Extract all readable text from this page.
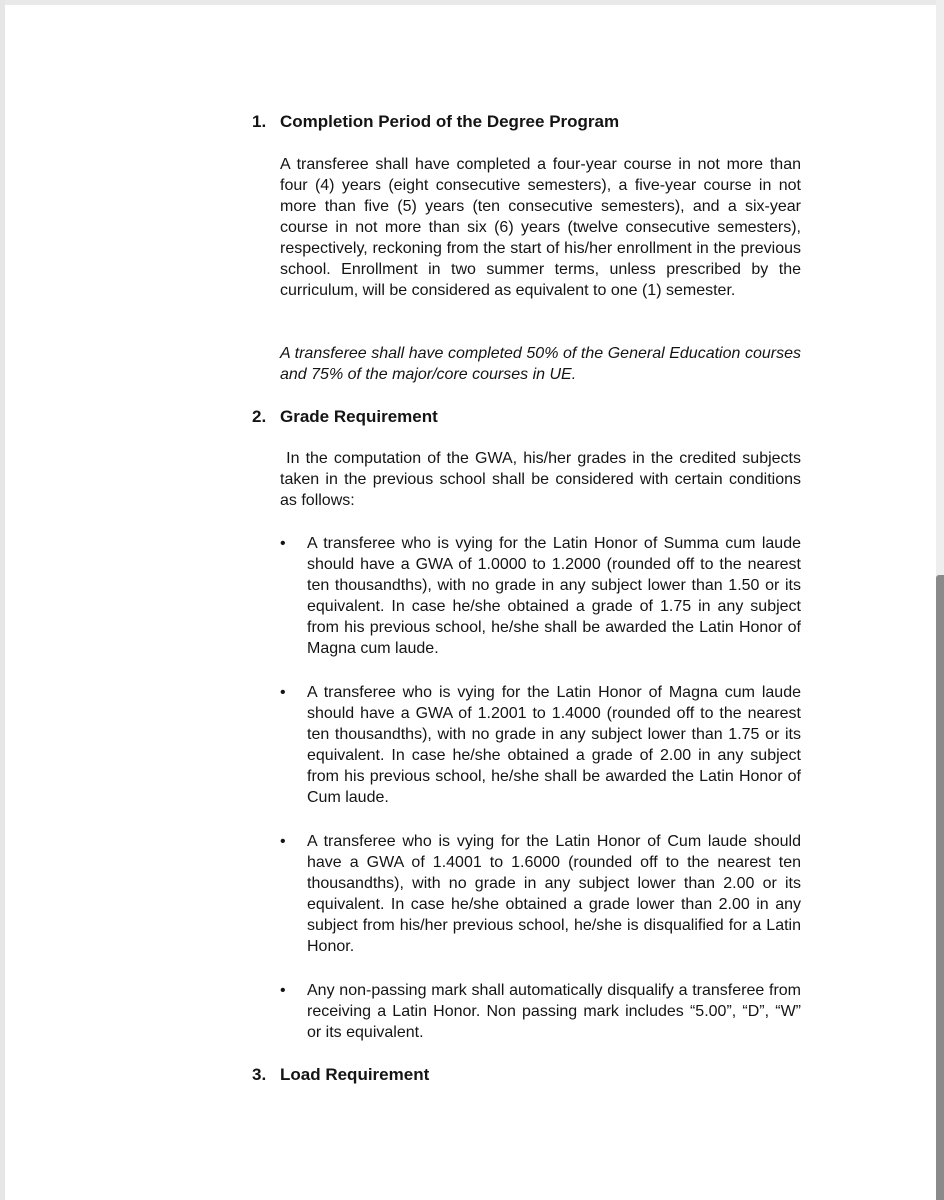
1. Completion Period of the Degree Program

A transferee shall have completed a four-year course in not more than four (4) years (eight consecutive semesters), a five-year course in not more than five (5) years (ten consecutive semesters), and a six-year course in not more than six (6) years (twelve consecutive semesters), respectively, reckoning from the start of his/her enrollment in the previous school. Enrollment in two summer terms, unless prescribed by the curriculum, will be considered as equivalent to one (1) semester.

A transferee shall have completed 50% of the General Education courses and 75% of the major/core courses in UE.

2. Grade Requirement

In the computation of the GWA, his/her grades in the credited subjects taken in the previous school shall be considered with certain conditions as follows:

• A transferee who is vying for the Latin Honor of Summa cum laude should have a GWA of 1.0000 to 1.2000 (rounded off to the nearest ten thousandths), with no grade in any subject lower than 1.50 or its equivalent. In case he/she obtained a grade of 1.75 in any subject from his previous school, he/she shall be awarded the Latin Honor of Magna cum laude.

• A transferee who is vying for the Latin Honor of Magna cum laude should have a GWA of 1.2001 to 1.4000 (rounded off to the nearest ten thousandths), with no grade in any subject lower than 1.75 or its equivalent. In case he/she obtained a grade of 2.00 in any subject from his previous school, he/she shall be awarded the Latin Honor of Cum laude.

• A transferee who is vying for the Latin Honor of Cum laude should have a GWA of 1.4001 to 1.6000 (rounded off to the nearest ten thousandths), with no grade in any subject lower than 2.00 or its equivalent. In case he/she obtained a grade lower than 2.00 in any subject from his/her previous school, he/she is disqualified for a Latin Honor.

• Any non-passing mark shall automatically disqualify a transferee from receiving a Latin Honor. Non passing mark includes “5.00”, “D”, “W” or its equivalent.

3. Load Requirement
